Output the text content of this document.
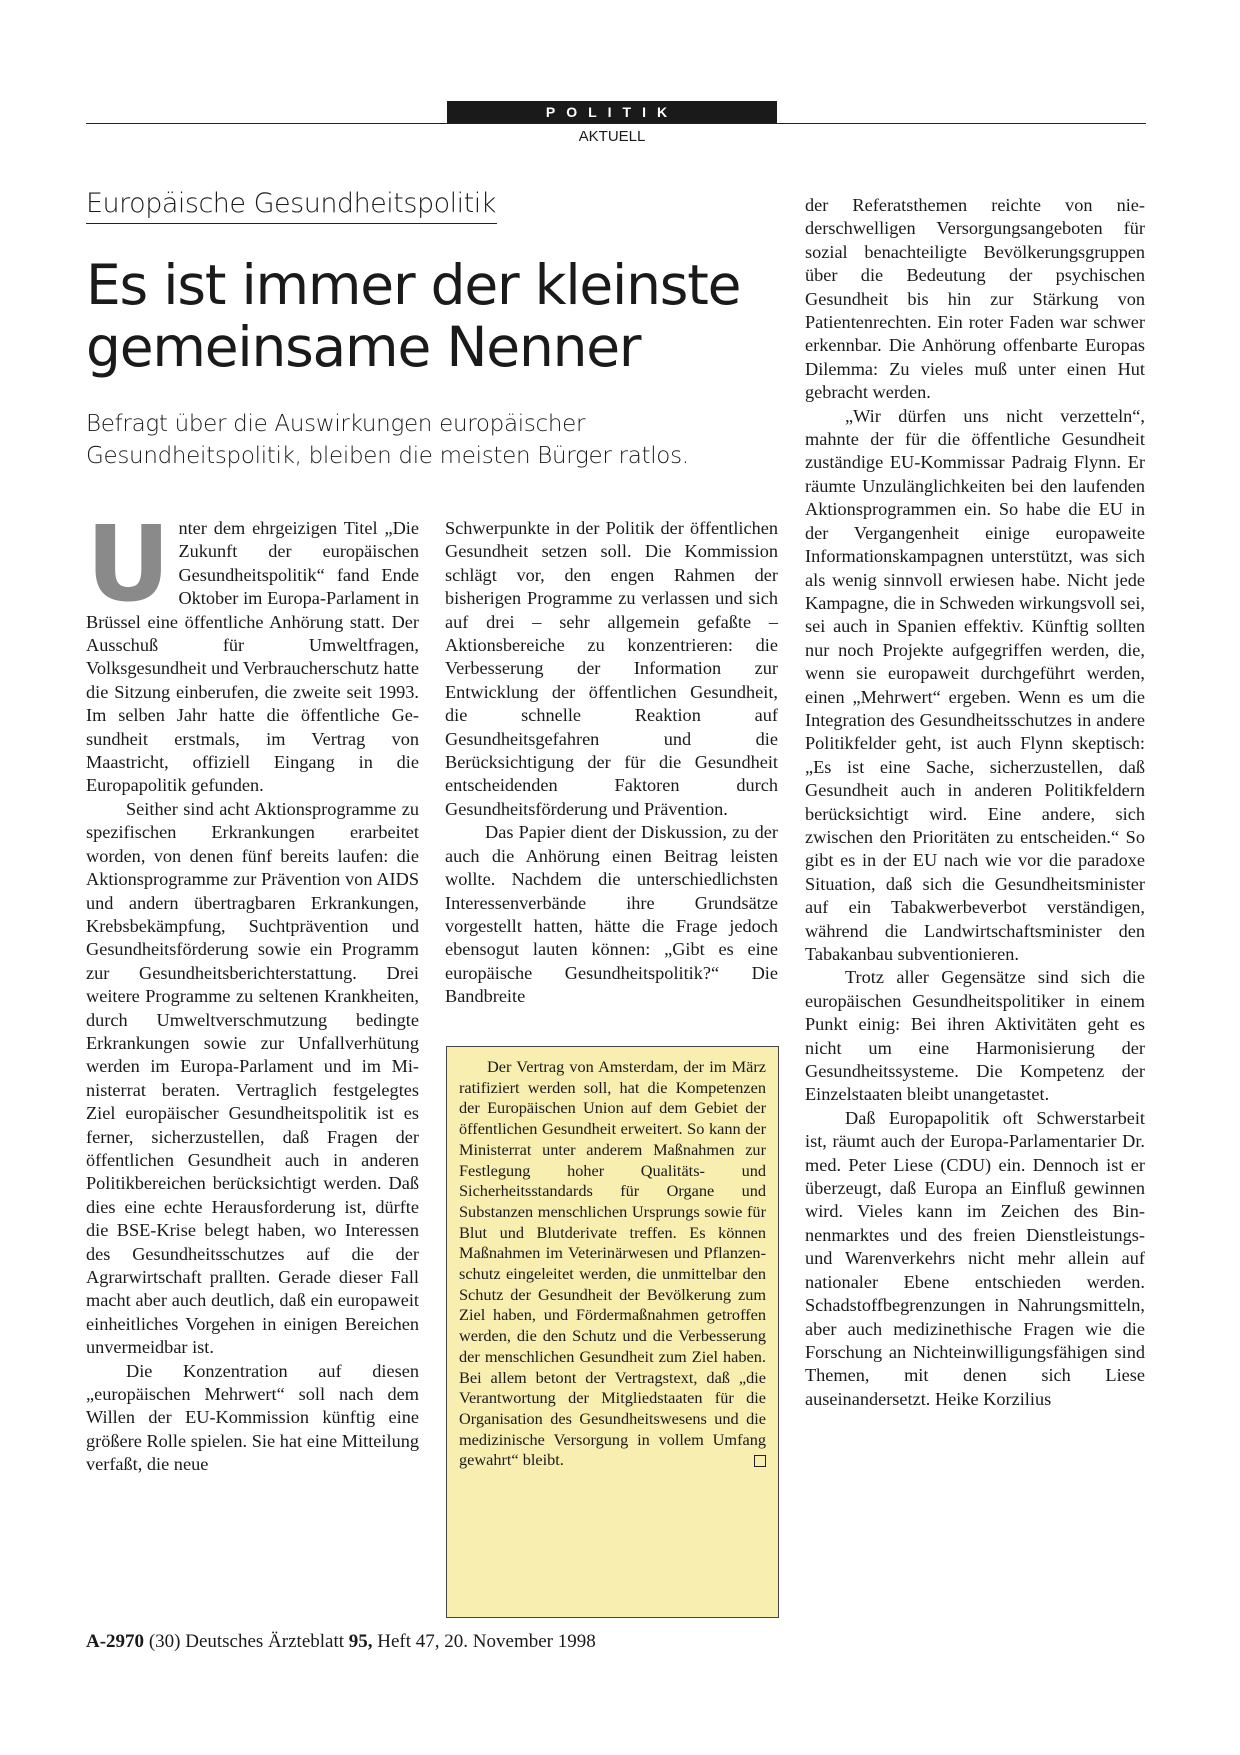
POLITIK
AKTUELL
Europäische Gesundheitspolitik
Es ist immer der kleinste
gemeinsame Nenner

Befragt über die Auswirkungen europäischer
Gesundheitspolitik, bleiben die meisten Bürger ratlos.

Unter dem ehrgeizigen Titel „Die Zukunft der europäischen Gesundheitspolitik“ fand Ende Oktober im Europa-Parlament in Brüssel eine öffentliche Anhörung statt. Der Ausschuß für Umweltfragen, Volksgesundheit und Verbraucherschutz hatte die Sitzung einberufen, die zweite seit 1993. Im selben Jahr hatte die öffentliche Gesundheit erstmals, im Vertrag von Maastricht, offiziell Eingang in die Europapolitik gefunden.

Seither sind acht Aktionsprogramme zu spezifischen Erkrankungen erarbeitet worden, von denen fünf bereits laufen: die Aktionsprogramme zur Prävention von AIDS und andern übertragbaren Erkrankungen, Krebsbekämpfung, Suchtprävention und Gesundheitsförderung sowie ein Programm zur Gesundheitsberichterstattung. Drei weitere Programme zu seltenen Krankheiten, durch Umweltverschmutzung bedingte Erkrankungen sowie zur Unfallverhütung werden im Europa-Parlament und im Ministerrat beraten. Vertraglich festgelegtes Ziel europäischer Gesundheitspolitik ist es ferner, sicherzustellen, daß Fragen der öffentlichen Gesundheit auch in anderen Politikbereichen berücksichtigt werden. Daß dies eine echte Herausforderung ist, dürfte die BSE-Krise belegt haben, wo Interessen des Gesundheitsschutzes auf die der Agrarwirtschaft prallten. Gerade dieser Fall macht aber auch deutlich, daß ein europaweit einheitliches Vorgehen in einigen Bereichen unvermeidbar ist.

Die Konzentration auf diesen „europäischen Mehrwert“ soll nach dem Willen der EU-Kommission künftig eine größere Rolle spielen. Sie hat eine Mitteilung verfaßt, die neue

Schwerpunkte in der Politik der öffentlichen Gesundheit setzen soll. Die Kommission schlägt vor, den engen Rahmen der bisherigen Programme zu verlassen und sich auf drei – sehr allgemein gefaßte – Aktionsbereiche zu konzentrieren: die Verbesserung der Information zur Entwicklung der öffentlichen Gesundheit, die schnelle Reaktion auf Gesundheitsgefahren und die Berücksichtigung der für die Gesundheit entscheidenden Faktoren durch Gesundheitsförderung und Prävention.

Das Papier dient der Diskussion, zu der auch die Anhörung einen Beitrag leisten wollte. Nachdem die unterschiedlichsten Interessenverbände ihre Grundsätze vorgestellt hatten, hätte die Frage jedoch ebensogut lauten können: „Gibt es eine europäische Gesundheitspolitik?“ Die Bandbreite

Der Vertrag von Amsterdam, der im März ratifiziert werden soll, hat die Kompetenzen der Europäischen Union auf dem Gebiet der öffentlichen Gesundheit erweitert. So kann der Ministerrat unter anderem Maßnahmen zur Festlegung hoher Qualitäts- und Sicherheitsstandards für Organe und Substanzen menschlichen Ursprungs sowie für Blut und Blutderivate treffen. Es können Maßnahmen im Veterinärwesen und Pflanzenschutz eingeleitet werden, die unmittelbar den Schutz der Gesundheit der Bevölkerung zum Ziel haben, und Fördermaßnahmen getroffen werden, die den Schutz und die Verbesserung der menschlichen Gesundheit zum Ziel haben. Bei allem betont der Vertragstext, daß „die Verantwortung der Mitgliedstaaten für die Organisation des Gesundheitswesens und die medizinische Versorgung in vollem Umfang gewahrt“ bleibt.

der Referatsthemen reichte von niederschwelligen Versorgungsangeboten für sozial benachteiligte Bevölkerungsgruppen über die Bedeutung der psychischen Gesundheit bis hin zur Stärkung von Patientenrechten. Ein roter Faden war schwer erkennbar. Die Anhörung offenbarte Europas Dilemma: Zu vieles muß unter einen Hut gebracht werden.

„Wir dürfen uns nicht verzetteln“, mahnte der für die öffentliche Gesundheit zuständige EU-Kommissar Padraig Flynn. Er räumte Unzulänglichkeiten bei den laufenden Aktionsprogrammen ein. So habe die EU in der Vergangenheit einige europaweite Informationskampagnen unterstützt, was sich als wenig sinnvoll erwiesen habe. Nicht jede Kampagne, die in Schweden wirkungsvoll sei, sei auch in Spanien effektiv. Künftig sollten nur noch Projekte aufgegriffen werden, die, wenn sie europaweit durchgeführt werden, einen „Mehrwert“ ergeben. Wenn es um die Integration des Gesundheitsschutzes in andere Politikfelder geht, ist auch Flynn skeptisch: „Es ist eine Sache, sicherzustellen, daß Gesundheit auch in anderen Politikfeldern berücksichtigt wird. Eine andere, sich zwischen den Prioritäten zu entscheiden.“ So gibt es in der EU nach wie vor die paradoxe Situation, daß sich die Gesundheitsminister auf ein Tabakwerbeverbot verständigen, während die Landwirtschaftsminister den Tabakanbau subventionieren.

Trotz aller Gegensätze sind sich die europäischen Gesundheitspolitiker in einem Punkt einig: Bei ihren Aktivitäten geht es nicht um eine Harmonisierung der Gesundheitssysteme. Die Kompetenz der Einzelstaaten bleibt unangetastet.

Daß Europapolitik oft Schwerstarbeit ist, räumt auch der Europa-Parlamentarier Dr. med. Peter Liese (CDU) ein. Dennoch ist er überzeugt, daß Europa an Einfluß gewinnen wird. Vieles kann im Zeichen des Binnenmarktes und des freien Dienstleistungs- und Warenverkehrs nicht mehr allein auf nationaler Ebene entschieden werden. Schadstoffbegrenzungen in Nahrungsmitteln, aber auch medizinethische Fragen wie die Forschung an Nichteinwilligungsfähigen sind Themen, mit denen sich Liese auseinandersetzt. Heike Korzilius

A-2970 (30) Deutsches Ärzteblatt 95, Heft 47, 20. November 1998
